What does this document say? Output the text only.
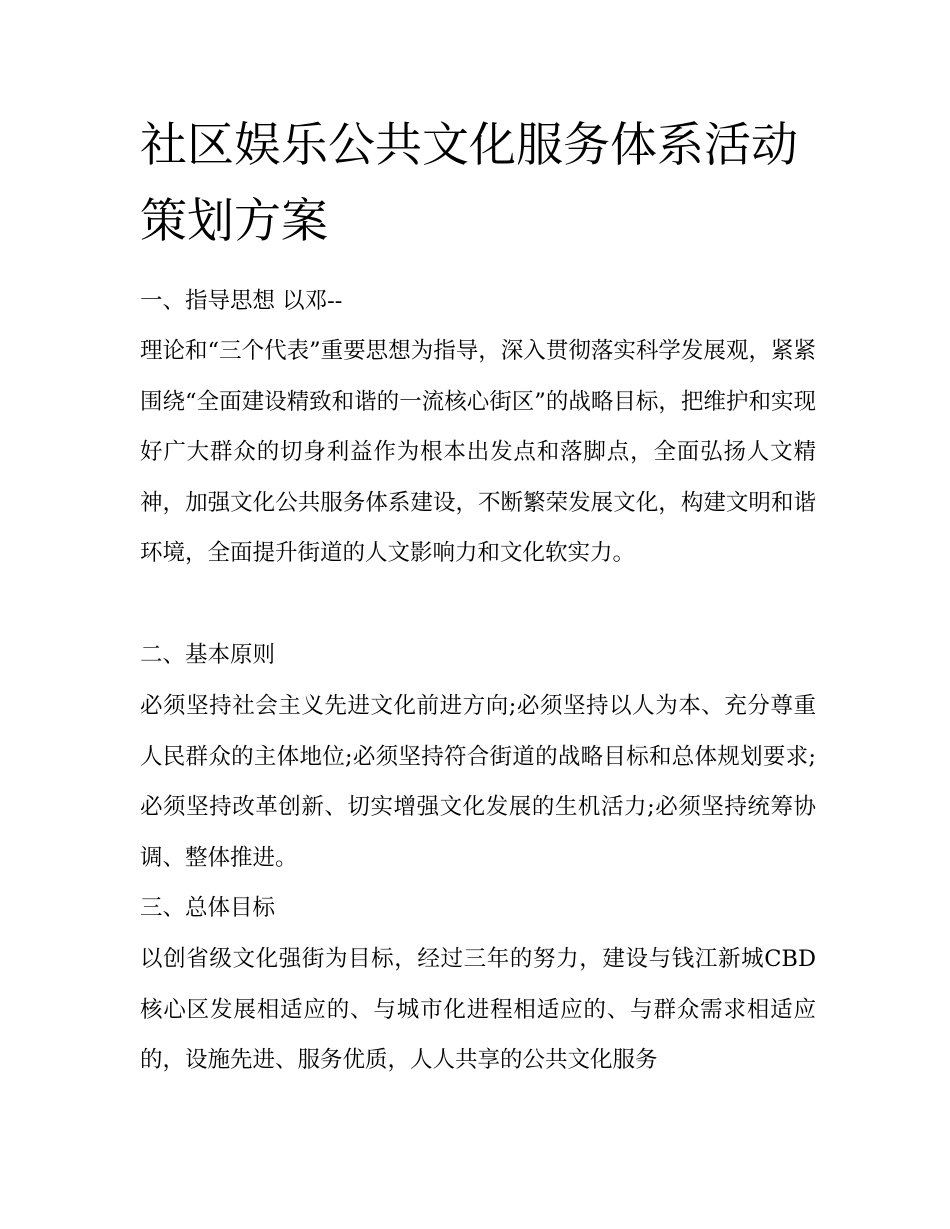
社区娱乐公共文化服务体系活动策划方案
一、指导思想 以邓--

理论和“三个代表”重要思想为指导，深入贯彻落实科学发展观，紧紧围绕“全面建设精致和谐的一流核心街区”的战略目标，把维护和实现好广大群众的切身利益作为根本出发点和落脚点，全面弘扬人文精神，加强文化公共服务体系建设，不断繁荣发展文化，构建文明和谐环境，全面提升街道的人文影响力和文化软实力。

二、基本原则

必须坚持社会主义先进文化前进方向;必须坚持以人为本、充分尊重人民群众的主体地位;必须坚持符合街道的战略目标和总体规划要求;必须坚持改革创新、切实增强文化发展的生机活力;必须坚持统筹协调、整体推进。

三、总体目标

以创省级文化强街为目标，经过三年的努力，建设与钱江新城CBD核心区发展相适应的、与城市化进程相适应的、与群众需求相适应的，设施先进、服务优质，人人共享的公共文化服务
